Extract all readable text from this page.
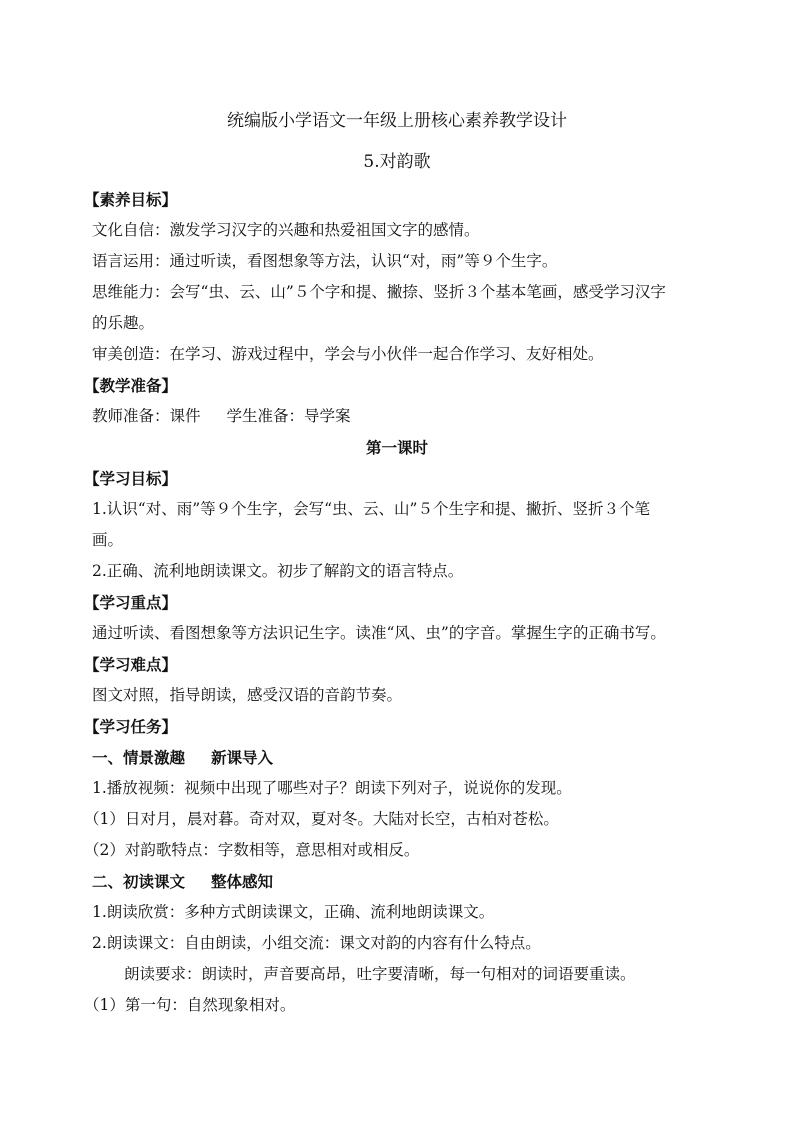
统编版小学语文一年级上册核心素养教学设计
5.对韵歌
【素养目标】
文化自信：激发学习汉字的兴趣和热爱祖国文字的感情。
语言运用：通过听读，看图想象等方法，认识“对，雨”等９个生字。
思维能力：会写“虫、云、山”５个字和提、撇捺、竖折３个基本笔画，感受学习汉字
的乐趣。
审美创造：在学习、游戏过程中，学会与小伙伴一起合作学习、友好相处。
【教学准备】
教师准备：课件 学生准备：导学案
第一课时
【学习目标】
1.认识“对、雨”等９个生字，会写“虫、云、山”５个生字和提、撇折、竖折３个笔
画。
2.正确、流利地朗读课文。初步了解韵文的语言特点。
【学习重点】
通过听读、看图想象等方法识记生字。读准“风、虫”的字音。掌握生字的正确书写。
【学习难点】
图文对照，指导朗读，感受汉语的音韵节奏。
【学习任务】
一、情景激趣 新课导入
1.播放视频：视频中出现了哪些对子？朗读下列对子，说说你的发现。
（1）日对月，晨对暮。奇对双，夏对冬。大陆对长空，古柏对苍松。
（2）对韵歌特点：字数相等，意思相对或相反。
二、初读课文 整体感知
1.朗读欣赏：多种方式朗读课文，正确、流利地朗读课文。
2.朗读课文：自由朗读，小组交流：课文对韵的内容有什么特点。
朗读要求：朗读时，声音要高昂，吐字要清晰，每一句相对的词语要重读。
（1）第一句：自然现象相对。
